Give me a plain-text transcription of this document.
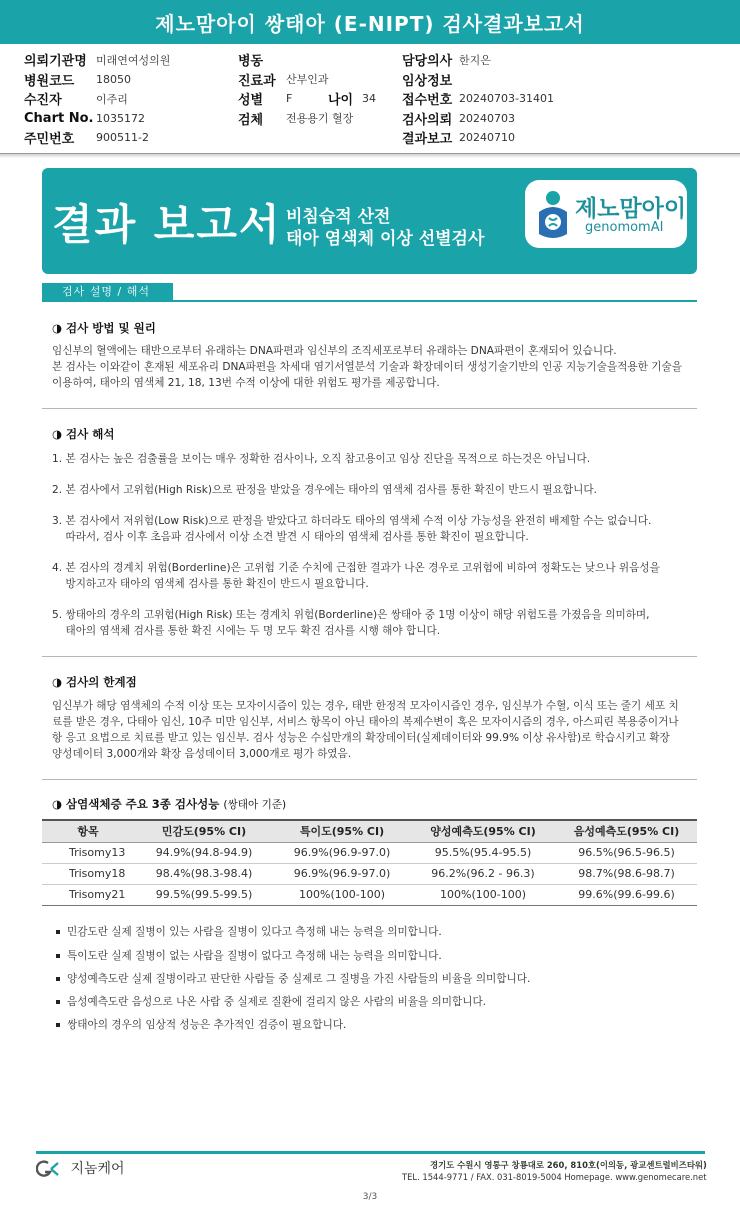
제노맘아이 쌍태아 (E-NIPT) 검사결과보고서
의뢰기관명 미래연여성의원
병원코드	18050
수진자	이주리
Chart No. 1035172
주민번호	900511-2
병동
진료과 산부인과
성별	F	나이 34
검체	전용용기 혈장
담당의사 한지은
임상정보
접수번호 20240703-31401
검사의뢰 20240703
결과보고 20240710
결과 보고서 비침습적 산전
태아 염색체 이상 선별검사
제노맘아이
genomomAI
검사 설명 / 해석
◑ 검사 방법 및 원리
임신부의 혈액에는 태반으로부터 유래하는 DNA파편과 임신부의 조직세포로부터 유래하는 DNA파편이 혼재되어 있습니다.
본 검사는 이와같이 혼재된 세포유리 DNA파편을 차세대 염기서열분석 기술과 확장데이터 생성기술기반의 인공 지능기술을적용한 기술을
이용하여, 태아의 염색체 21, 18, 13번 수적 이상에 대한 위험도 평가를 제공합니다.
◑ 검사 해석
1. 본 검사는 높은 검출률을 보이는 매우 정확한 검사이나, 오직 참고용이고 임상 진단을 목적으로 하는것은 아닙니다.
2. 본 검사에서 고위험(High Risk)으로 판정을 받았을 경우에는 태아의 염색체 검사를 통한 확진이 반드시 필요합니다.
3. 본 검사에서 저위험(Low Risk)으로 판정을 받았다고 하더라도 태아의 염색체 수적 이상 가능성을 완전히 배제할 수는 없습니다.
따라서, 검사 이후 초음파 검사에서 이상 소견 발견 시 태아의 염색체 검사를 통한 확진이 필요합니다.
4. 본 검사의 경계치 위험(Borderline)은 고위험 기준 수치에 근접한 결과가 나온 경우로 고위험에 비하여 정확도는 낮으나 위음성을
방지하고자 태아의 염색체 검사를 통한 확진이 반드시 필요합니다.
5. 쌍태아의 경우의 고위험(High Risk) 또는 경계치 위험(Borderline)은 쌍태아 중 1명 이상이 해당 위험도를 가졌음을 의미하며,
태아의 염색체 검사를 통한 확진 시에는 두 명 모두 확진 검사를 시행 해야 합니다.
◑ 검사의 한계점
임신부가 해당 염색체의 수적 이상 또는 모자이시즘이 있는 경우, 태반 한정적 모자이시즘인 경우, 임신부가 수혈, 이식 또는 줄기 세포 치
료를 받은 경우, 다태아 임신, 10주 미만 임신부, 서비스 항목이 아닌 태아의 복제수변이 혹은 모자이시즘의 경우, 아스피린 복용중이거나
항 응고 요법으로 치료를 받고 있는 임신부. 검사 성능은 수십만개의 확장데이터(실제데이터와 99.9% 이상 유사함)로 학습시키고 확장
양성데이터 3,000개와 확장 음성데이터 3,000개로 평가 하였음.
◑ 삼염색체증 주요 3종 검사성능 (쌍태아 기준)
항목	민감도(95% CI)	특이도(95% CI)	양성예측도(95% CI)	음성예측도(95% CI)
Trisomy13	94.9%(94.8-94.9)	96.9%(96.9-97.0)	95.5%(95.4-95.5)	96.5%(96.5-96.5)
Trisomy18	98.4%(98.3-98.4)	96.9%(96.9-97.0)	96.2%(96.2 - 96.3)	98.7%(98.6-98.7)
Trisomy21	99.5%(99.5-99.5)	100%(100-100)	100%(100-100)	99.6%(99.6-99.6)
민감도란 실제 질병이 있는 사람을 질병이 있다고 측정해 내는 능력을 의미합니다.
특이도란 실제 질병이 없는 사람을 질병이 없다고 측정해 내는 능력을 의미합니다.
양성예측도란 실제 질병이라고 판단한 사람들 중 실제로 그 질병을 가진 사람들의 비율을 의미합니다.
음성예측도란 음성으로 나온 사람 중 실제로 질환에 걸리지 않은 사람의 비율을 의미합니다.
쌍태아의 경우의 임상적 성능은 추가적인 검증이 필요합니다.
지놈케어	경기도 수원시 영통구 창룡대로 260, 810호(이의동, 광교센트럴비즈타워)
TEL. 1544-9771 / FAX. 031-8019-5004 Homepage. www.genomecare.net
3/3
